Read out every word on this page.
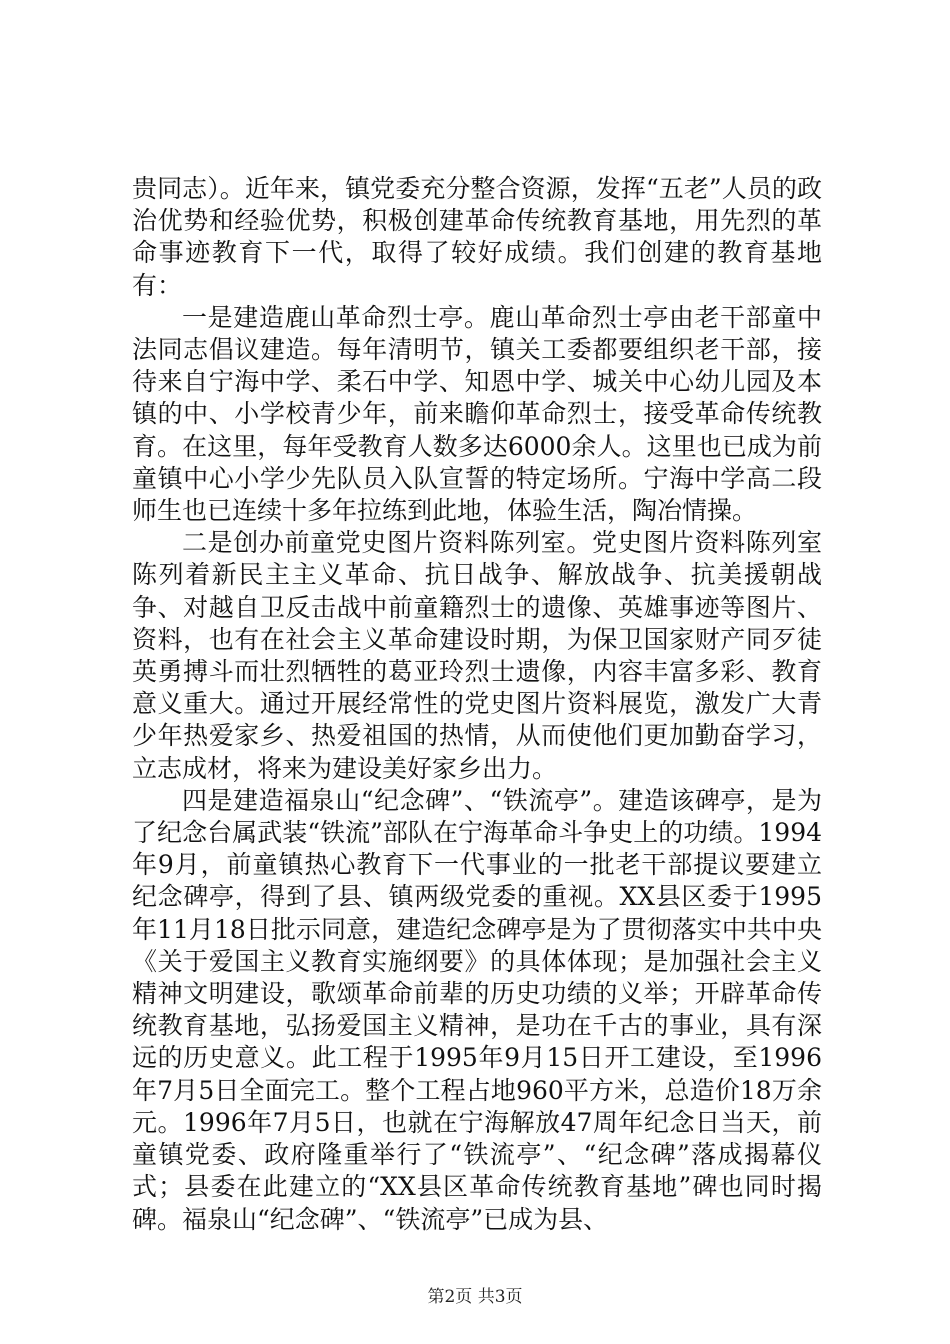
贵同志）。近年来，镇党委充分整合资源，发挥“五老”人员的政治优势和经验优势，积极创建革命传统教育基地，用先烈的革命事迹教育下一代，取得了较好成绩。我们创建的教育基地有：

一是建造鹿山革命烈士亭。鹿山革命烈士亭由老干部童中法同志倡议建造。每年清明节，镇关工委都要组织老干部，接待来自宁海中学、柔石中学、知恩中学、城关中心幼儿园及本镇的中、小学校青少年，前来瞻仰革命烈士，接受革命传统教育。在这里，每年受教育人数多达6000余人。这里也已成为前童镇中心小学少先队员入队宣誓的特定场所。宁海中学高二段师生也已连续十多年拉练到此地，体验生活，陶冶情操。

二是创办前童党史图片资料陈列室。党史图片资料陈列室陈列着新民主主义革命、抗日战争、解放战争、抗美援朝战争、对越自卫反击战中前童籍烈士的遗像、英雄事迹等图片、资料，也有在社会主义革命建设时期，为保卫国家财产同歹徒英勇搏斗而壮烈牺牲的葛亚玲烈士遗像，内容丰富多彩、教育意义重大。通过开展经常性的党史图片资料展览，激发广大青少年热爱家乡、热爱祖国的热情，从而使他们更加勤奋学习，立志成材，将来为建设美好家乡出力。

四是建造福泉山“纪念碑”、“铁流亭”。建造该碑亭，是为了纪念台属武装“铁流”部队在宁海革命斗争史上的功绩。1994年9月，前童镇热心教育下一代事业的一批老干部提议要建立纪念碑亭，得到了县、镇两级党委的重视。XX县区委于1995年11月18日批示同意，建造纪念碑亭是为了贯彻落实中共中央《关于爱国主义教育实施纲要》的具体体现；是加强社会主义精神文明建设，歌颂革命前辈的历史功绩的义举；开辟革命传统教育基地，弘扬爱国主义精神，是功在千古的事业，具有深远的历史意义。此工程于1995年9月15日开工建设，至1996年7月5日全面完工。整个工程占地960平方米，总造价18万余元。1996年7月5日，也就在宁海解放47周年纪念日当天，前童镇党委、政府隆重举行了“铁流亭”、“纪念碑”落成揭幕仪式；县委在此建立的“XX县区革命传统教育基地”碑也同时揭碑。福泉山“纪念碑”、“铁流亭”已成为县、

第2页 共3页
